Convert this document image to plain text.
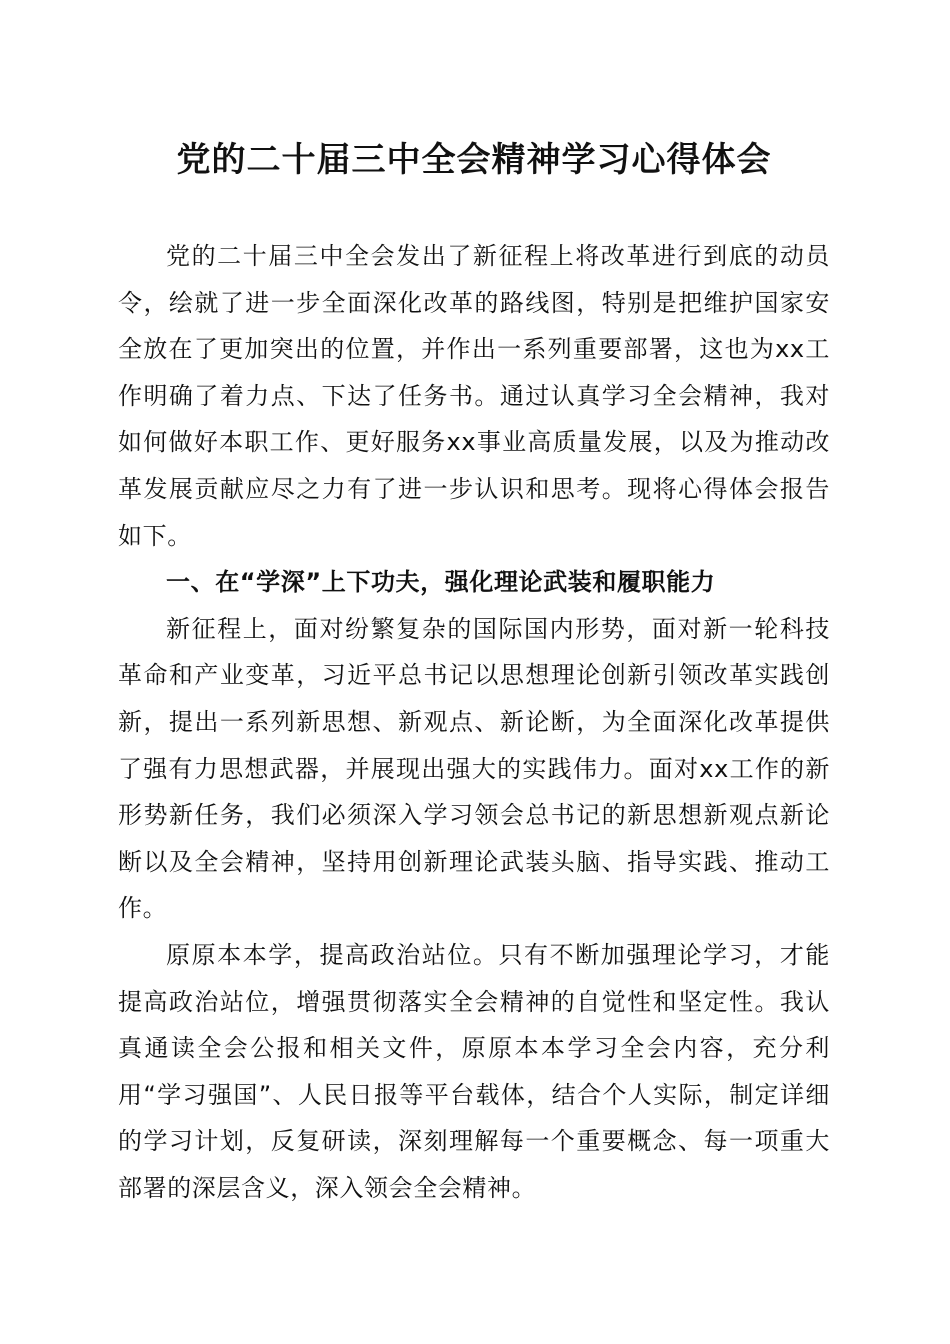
党的二十届三中全会精神学习心得体会

党的二十届三中全会发出了新征程上将改革进行到底的动员令，绘就了进一步全面深化改革的路线图，特别是把维护国家安全放在了更加突出的位置，并作出一系列重要部署，这也为xx工作明确了着力点、下达了任务书。通过认真学习全会精神，我对如何做好本职工作、更好服务xx事业高质量发展，以及为推动改革发展贡献应尽之力有了进一步认识和思考。现将心得体会报告如下。

一、在“学深”上下功夫，强化理论武装和履职能力

新征程上，面对纷繁复杂的国际国内形势，面对新一轮科技革命和产业变革，习近平总书记以思想理论创新引领改革实践创新，提出一系列新思想、新观点、新论断，为全面深化改革提供了强有力思想武器，并展现出强大的实践伟力。面对xx工作的新形势新任务，我们必须深入学习领会总书记的新思想新观点新论断以及全会精神，坚持用创新理论武装头脑、指导实践、推动工作。

原原本本学，提高政治站位。只有不断加强理论学习，才能提高政治站位，增强贯彻落实全会精神的自觉性和坚定性。我认真通读全会公报和相关文件，原原本本学习全会内容，充分利用“学习强国”、人民日报等平台载体，结合个人实际，制定详细的学习计划，反复研读，深刻理解每一个重要概念、每一项重大部署的深层含义，深入领会全会精神。
